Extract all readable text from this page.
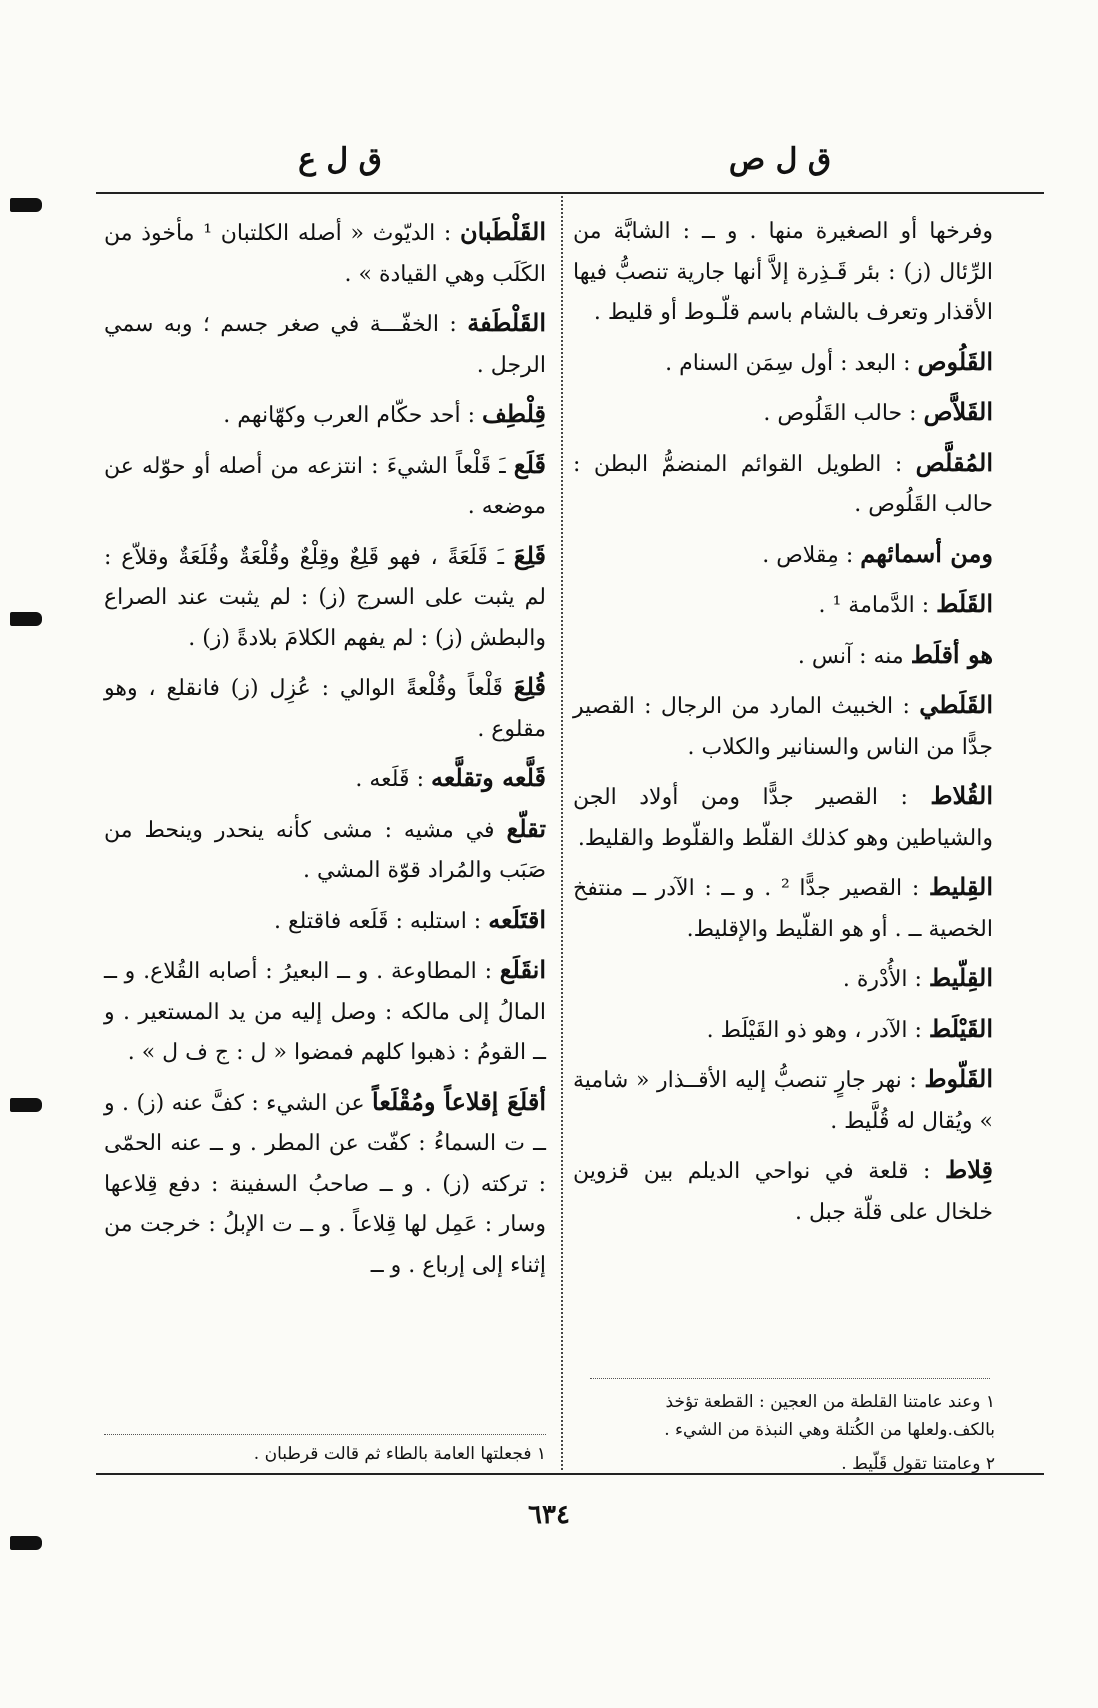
ق ل ص
ق ل ع

وفرخها أو الصغيرة منها . و ــ : الشابَّة من الرِّئال (ز) : بئر قَـذِرة إلاَّ أنها جارية تنصبُّ فيها الأقذار وتعرف بالشام باسم قلّـوط أو قليط .

القَلُوص : البعد : أول سِمَن السنام .

القَلاَّص : حالب القَلُوص .

المُقلَّص : الطويل القوائم المنضمُّ البطن : حالب القَلُوص .

ومن أسمائهم : مِقلاص .

القَلَط : الدَّمامة ¹ .

هو أقلَط منه : آنس .

القَلَطي : الخبيث المارد من الرجال : القصير جدًّا من الناس والسنانير والكلاب .

القُلاط : القصير جدًّا ومن أولاد الجن والشياطين وهو كذلك القلّط والقلّوط والقليط.

القِليط : القصير جدًّا ² . و ــ : الآدر ــ منتفخ الخصية ــ . أو هو القلّيط والإقليط.

القِلّيط : الأُدْرة .

القَيْلَط : الآدر ، وهو ذو القَيْلَط .

القَلّوط : نهر جارٍ تنصبُّ إليه الأقــذار « شامية » ويُقال له قُلَّيط .

قِلاط : قلعة في نواحي الديلم بين قزوين خلخال على قلّة جبل .

القَلْطَبان : الديّوث « أصله الكلتبان ¹ مأخوذ من الكَلَب وهي القيادة » .

القَلْطَفة : الخفّـــة في صغر جسم ؛ وبه سمي الرجل .

قِلْطِف : أحد حكّام العرب وكهّانهم .

قَلَع ـَ قَلْعاً الشيءَ : انتزعه من أصله أو حوّله عن موضعه .

قَلِعَ ـَ قَلَعَةً ، فهو قَلِعٌ وقِلْعٌ وقُلْعَةٌ وقُلَعَةٌ وقلاّع : لم يثبت على السرج (ز) : لم يثبت عند الصراع والبطش (ز) : لم يفهم الكلامَ بلادةً (ز) .

قُلِعَ قَلْعاً وقُلْعةً الوالي : عُزِل (ز) فانقلع ، وهو مقلوع .

قَلَّعه وتقلَّعه : قَلَعه .

تقلّع في مشيه : مشى كأنه ينحدر وينحط من صَبَب والمُراد قوّة المشي .

اقتَلَعه : استلبه : قَلَعه فاقتلع .

انقَلَع : المطاوعة . و ــ البعيرُ : أصابه القُلاع. و ــ المالُ إلى مالكه : وصل إليه من يد المستعير . و ــ القومُ : ذهبوا كلهم فمضوا « ل : ج ف ل » .

أقلَعَ إقلاعاً ومُقْلَعاً عن الشيء : كفَّ عنه (ز) . و ــ ت السماءُ : كفّت عن المطر . و ــ عنه الحمّى : تركته (ز) . و ــ صاحبُ السفينة : دفع قِلاعها وسار : عَمِل لها قِلاعاً . و ــ ت الإبلُ : خرجت من إثناء إلى إرباع . و ــ

١ وعند عامتنا القلطة من العجين : القطعة تؤخذ بالكف.ولعلها من الكُتلة وهي النبذة من الشيء .
٢ وعامتنا تقول قَلّيط .
١ فجعلتها العامة بالطاء ثم قالت قرطبان .
٦٣٤
